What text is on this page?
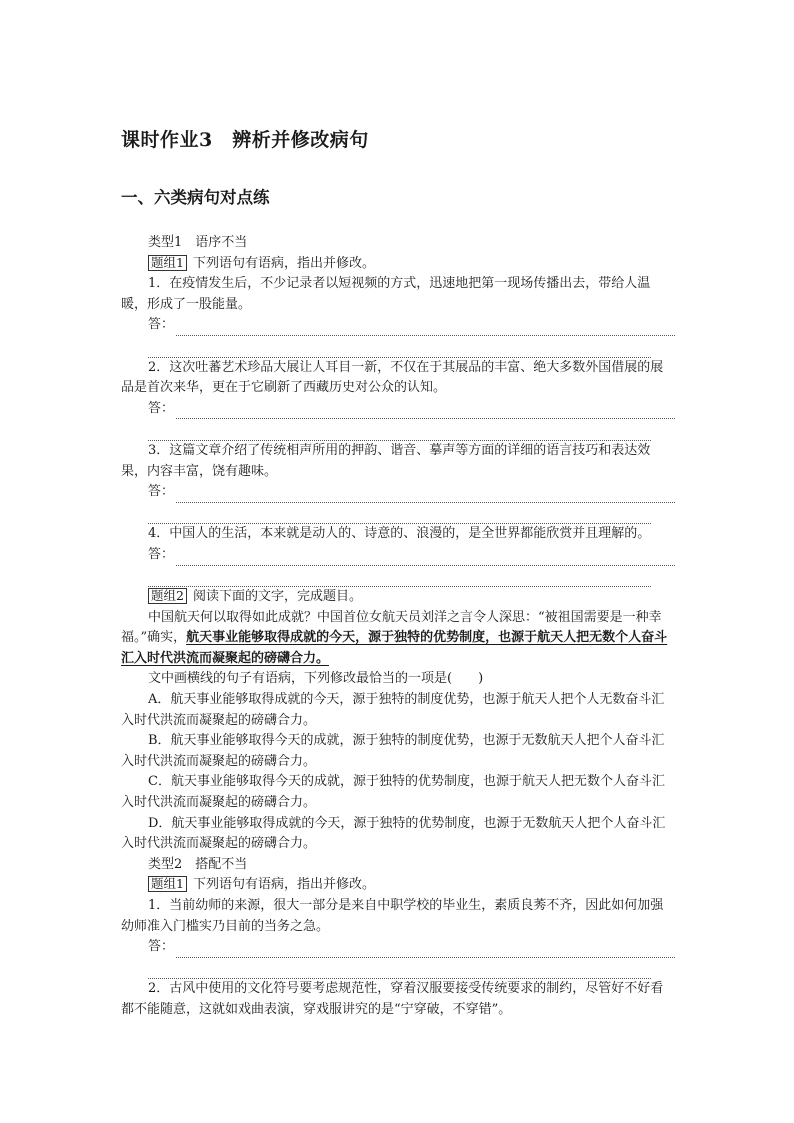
课时作业3　辨析并修改病句
一、六类病句对点练

类型1　语序不当

题组1 下列语句有语病，指出并修改。

1．在疫情发生后，不少记录者以短视频的方式，迅速地把第一现场传播出去，带给人温暖，形成了一股能量。

答：

2．这次吐蕃艺术珍品大展让人耳目一新，不仅在于其展品的丰富、绝大多数外国借展的展品是首次来华，更在于它刷新了西藏历史对公众的认知。

答：

3．这篇文章介绍了传统相声所用的押韵、谐音、摹声等方面的详细的语言技巧和表达效果，内容丰富，饶有趣味。

答：

4．中国人的生活，本来就是动人的、诗意的、浪漫的，是全世界都能欣赏并且理解的。

答：

题组2 阅读下面的文字，完成题目。

中国航天何以取得如此成就？中国首位女航天员刘洋之言令人深思：“被祖国需要是一种幸福。”确实，航天事业能够取得成就的今天，源于独特的优势制度，也源于航天人把无数个人奋斗汇入时代洪流而凝聚起的磅礴合力。

文中画横线的句子有语病，下列修改最恰当的一项是(　　)

A．航天事业能够取得成就的今天，源于独特的制度优势，也源于航天人把个人无数奋斗汇入时代洪流而凝聚起的磅礴合力。

B．航天事业能够取得今天的成就，源于独特的制度优势，也源于无数航天人把个人奋斗汇入时代洪流而凝聚起的磅礴合力。

C．航天事业能够取得今天的成就，源于独特的优势制度，也源于航天人把无数个人奋斗汇入时代洪流而凝聚起的磅礴合力。

D．航天事业能够取得成就的今天，源于独特的优势制度，也源于无数航天人把个人奋斗汇入时代洪流而凝聚起的磅礴合力。

类型2　搭配不当

题组1 下列语句有语病，指出并修改。

1．当前幼师的来源，很大一部分是来自中职学校的毕业生，素质良莠不齐，因此如何加强幼师准入门槛实乃目前的当务之急。

答：

2．古风中使用的文化符号要考虑规范性，穿着汉服要接受传统要求的制约，尽管好不好看都不能随意，这就如戏曲表演，穿戏服讲究的是“宁穿破，不穿错”。
